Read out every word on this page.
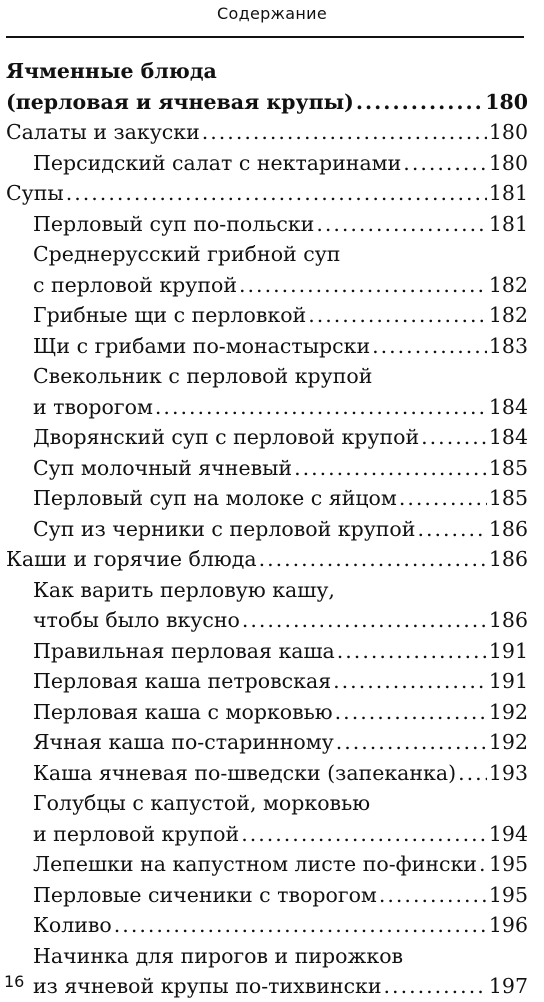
Содержание
Ячменные блюда
(перловая и ячневая крупы) .....	180
Салаты и закуски .....	180
Персидский салат с нектаринами .....	180
Супы .....	181
Перловый суп по-польски .....	181
Среднерусский грибной суп
с перловой крупой .....	182
Грибные щи с перловкой .....	182
Щи с грибами по-монастырски .....	183
Свекольник с перловой крупой
и творогом .....	184
Дворянский суп с перловой крупой .....	184
Суп молочный ячневый .....	185
Перловый суп на молоке с яйцом .....	185
Суп из черники с перловой крупой .....	186
Каши и горячие блюда .....	186
Как варить перловую кашу,
чтобы было вкусно .....	186
Правильная перловая каша .....	191
Перловая каша петровская .....	191
Перловая каша с морковью .....	192
Ячная каша по-старинному .....	192
Каша ячневая по-шведски (запеканка) ..... 193
Голубцы с капустой, морковью
и перловой крупой .....	194
Лепешки на капустном листе по-фински ..... 195
Перловые сиченики с творогом .....	195
Коливо .....	196
Начинка для пирогов и пирожков
из ячневой крупы по-тихвински .....	197
16
